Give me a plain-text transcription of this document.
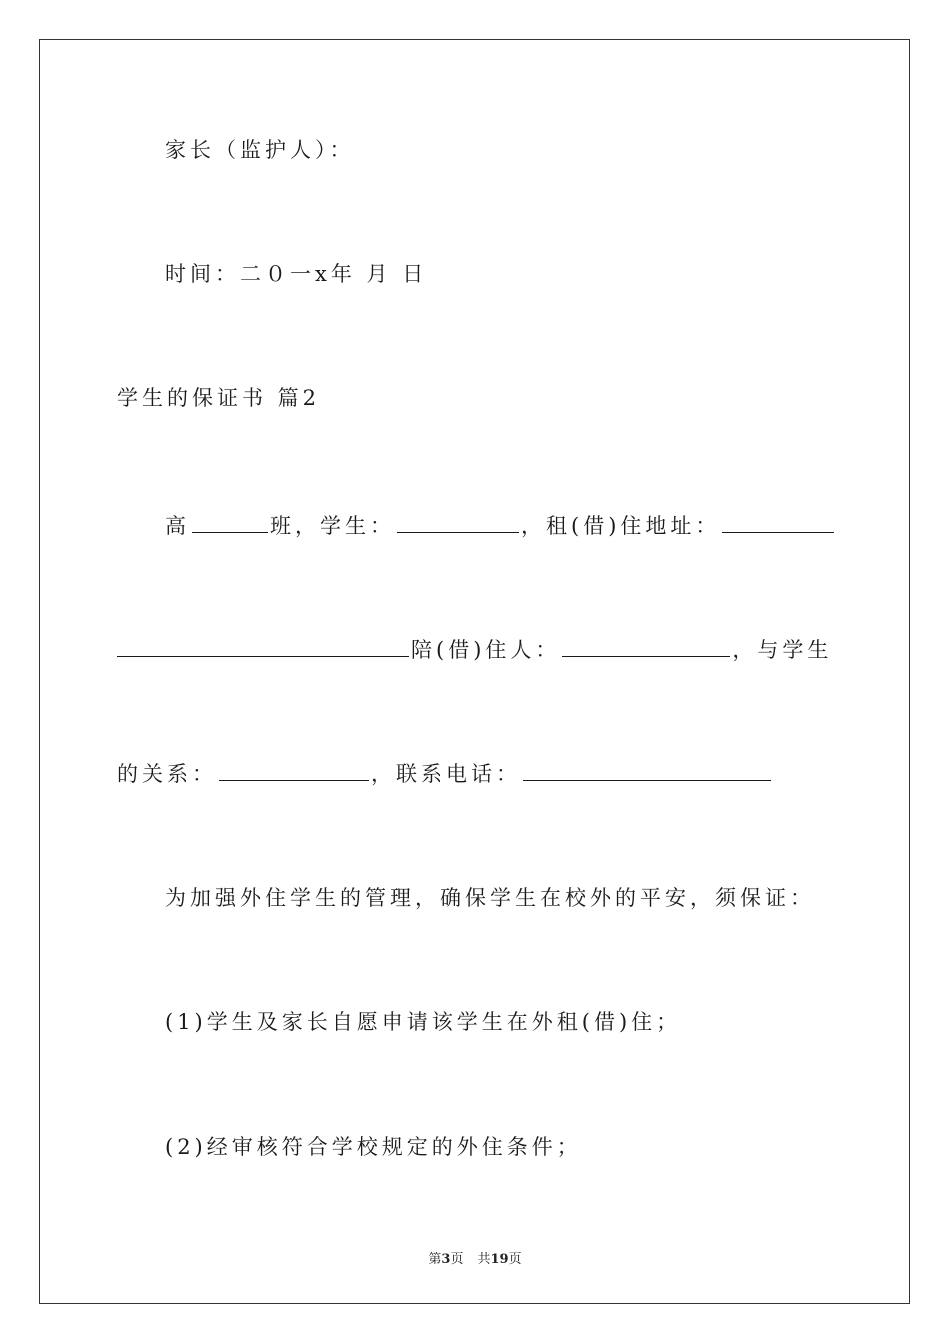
家长（监护人）：
时间：二０一x年 月 日
学生的保证书 篇2
高	班，学生：	，租(借)住地址：
陪(借)住人：	，与学生
的关系：	，联系电话：
为加强外住学生的管理，确保学生在校外的平安，须保证：
(1)学生及家长自愿申请该学生在外租(借)住；
(2)经审核符合学校规定的外住条件；
第3页 共19页
